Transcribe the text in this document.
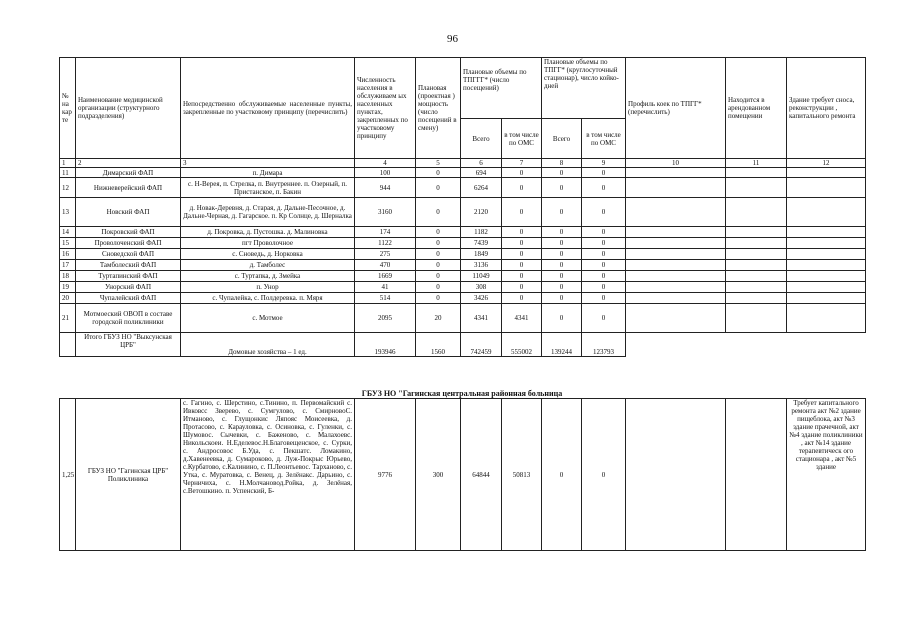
96
№ на кар те	Наименование медицинской организации (структурного подразделения)	Непосредственно обслуживаемые населенные пункты, закрепленные по участковому принципу (перечислить)	Численность населения в обслуживаем ых населенных пунктах, закрепленных по участковому принципу	Плановая (проектная ) мощность (число посещений в смену)	Плановые объемы по ТПГГГ* (число посещений)		Плановые объемы по ТПГГ* (круглосуточный стационар), число койко-дней		Профиль коек по ТПГГ* (перечислить)	Находится в арендованном помещении	Здание требует сноса, реконструкции , капитального ремонта
					Всего	в том числе по ОМС	Всего	в том числе по ОМС			
1	2	3	4	5	6	7	8	9	10	11	12
11	Димарский ФАП	п. Димара	100	0	694	0	0	0			
12	Нижневерейский ФАП	с. Н-Верея, п. Стрелка, п. Внутреннее. п. Озерный, п. Пристанское, п. Бакин	944	0	6264	0	0	0			
13	Новский ФАП	д. Новак-Деревня, д. Старая, д. Дальне-Песочное, д. Дальне-Черная, д. Гагарское. п. Кр Солнце, д. Шерналка	3160	0	2120	0	0	0			
14	Покровский ФАП	д. Покровка, д. Пустошка. д. Малиновка	174	0	1182	0	0	0			
15	Проволоченский ФАП	пгт Проволочное	1122	0	7439	0	0	0			
16	Сноведской ФАП	с. Сноведь, д. Норковка	275	0	1849	0	0	0			
17	Тамболеский ФАП	д. Тамболес	470	0	3136	0	0	0			
18	Туртапинский ФАП	с. Туртапка, д. Змейка	1669	0	11049	0	0	0			
19	Унорский ФАП	п. Унор	41	0	308	0	0	0			
20	Чупалейский ФАП	с. Чупалейка, с. Полдеревка. п. Мяря	514	0	3426	0	0	0			
21	Мотмоеский ОВОП в составе городской поликлиники	с. Мотмое	2095	20	4341	4341	0	0			
	Итого ГБУЗ НО "Выксунская ЦРБ"	Домовые хозяйства – 1 ед.	193946	1560	742459	555002	139244	123793			
ГБУЗ НО "Гагинская центральная районная больница
1,25	ГБУЗ НО "Гагинская ЦРБ" Поликлиника	с. Гагино, с. Шерстино, с.Тинино, п. Первомайский с. Ивковсс Зверево, с. Сумгулово, с. СмирновоС. Итманово, с. Глущонкис Ляпояс Моисеевка, д. Протасово, с. Карауловка, с. Осиновка, с. Гуленки, с. Шумовос. Сычевки, с. Баженово, с. Малахоевс. Никольскоеи. Н.Еделевос.Н.Благовещенское, с. Сурки, с. Андросовос Б.Уда, с. Пекшатс. Ломакино, д.Хавенеевка, д. Сумароково, д. Луж-Покрыс Юрьево, с.Курбатово, с.Калинино, с. П.Леонтьевос. Тарханово, с. Утка, с. Муратовка, с. Венец, д. Зелёнакс. Дарьино, с. Черничиха, с. Н.Молчановод.Ройка, д. Зелёная, с.Ветошкино. п. Успенский, Б-	9776	300	64844	50813	0	0			Требует капитального ремонта акт №2 здание пищеблока, акт №3 здание прачечной, акт №4 здание поликлиники , акт №14 здание терапевтическ ого стационара , акт №5 здание
